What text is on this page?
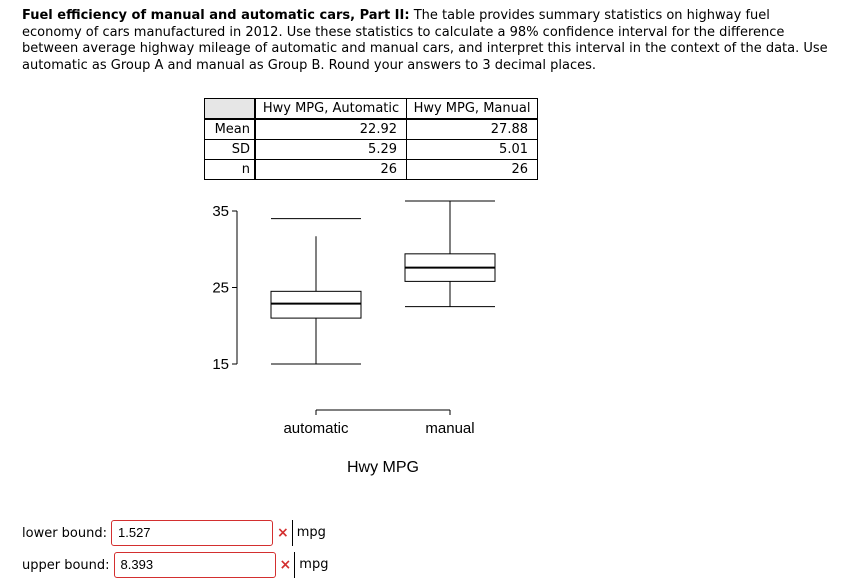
Fuel efficiency of manual and automatic cars, Part II: The table provides summary statistics on highway fuel economy of cars manufactured in 2012. Use these statistics to calculate a 98% confidence interval for the difference between average highway mileage of automatic and manual cars, and interpret this interval in the context of the data. Use automatic as Group A and manual as Group B. Round your answers to 3 decimal places.

	Hwy MPG, Automatic	Hwy MPG, Manual
Mean	22.92	27.88
SD	5.29	5.01
n	26	26
35
25
15
automatic	manual
Hwy MPG
lower bound: 1.527	× mpg
upper bound: 8.393	× mpg
